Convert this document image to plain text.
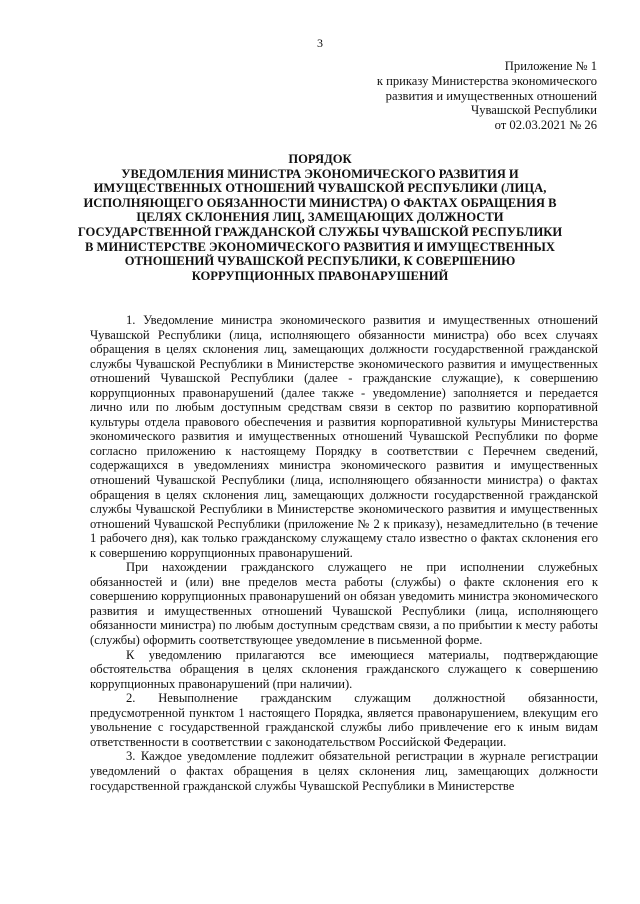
3
Приложение № 1
к приказу Министерства экономического
развития и имущественных отношений
Чувашской Республики
от 02.03.2021 № 26
ПОРЯДОК
УВЕДОМЛЕНИЯ МИНИСТРА ЭКОНОМИЧЕСКОГО РАЗВИТИЯ И
ИМУЩЕСТВЕННЫХ ОТНОШЕНИЙ ЧУВАШСКОЙ РЕСПУБЛИКИ (ЛИЦА,
ИСПОЛНЯЮЩЕГО ОБЯЗАННОСТИ МИНИСТРА) О ФАКТАХ ОБРАЩЕНИЯ В
ЦЕЛЯХ СКЛОНЕНИЯ ЛИЦ, ЗАМЕЩАЮЩИХ ДОЛЖНОСТИ
ГОСУДАРСТВЕННОЙ ГРАЖДАНСКОЙ СЛУЖБЫ ЧУВАШСКОЙ РЕСПУБЛИКИ
В МИНИСТЕРСТВЕ ЭКОНОМИЧЕСКОГО РАЗВИТИЯ И ИМУЩЕСТВЕННЫХ
ОТНОШЕНИЙ ЧУВАШСКОЙ РЕСПУБЛИКИ, К СОВЕРШЕНИЮ
КОРРУПЦИОННЫХ ПРАВОНАРУШЕНИЙ

1. Уведомление министра экономического развития и имущественных отношений Чувашской Республики (лица, исполняющего обязанности министра) обо всех случаях обращения в целях склонения лиц, замещающих должности государственной гражданской службы Чувашской Республики в Министерстве экономического развития и имущественных отношений Чувашской Республики (далее - гражданские служащие), к совершению коррупционных правонарушений (далее также - уведомление) заполняется и передается лично или по любым доступным средствам связи в сектор по развитию корпоративной культуры отдела правового обеспечения и развития корпоративной культуры Министерства экономического развития и имущественных отношений Чувашской Республики по форме согласно приложению к настоящему Порядку в соответствии с Перечнем сведений, содержащихся в уведомлениях министра экономического развития и имущественных отношений Чувашской Республики (лица, исполняющего обязанности министра) о фактах обращения в целях склонения лиц, замещающих должности государственной гражданской службы Чувашской Республики в Министерстве экономического развития и имущественных отношений Чувашской Республики (приложение № 2 к приказу), незамедлительно (в течение 1 рабочего дня), как только гражданскому служащему стало известно о фактах склонения его к совершению коррупционных правонарушений.

При нахождении гражданского служащего не при исполнении служебных обязанностей и (или) вне пределов места работы (службы) о факте склонения его к совершению коррупционных правонарушений он обязан уведомить министра экономического развития и имущественных отношений Чувашской Республики (лица, исполняющего обязанности министра) по любым доступным средствам связи, а по прибытии к месту работы (службы) оформить соответствующее уведомление в письменной форме.

К уведомлению прилагаются все имеющиеся материалы, подтверждающие обстоятельства обращения в целях склонения гражданского служащего к совершению коррупционных правонарушений (при наличии).

2. Невыполнение гражданским служащим должностной обязанности, предусмотренной пунктом 1 настоящего Порядка, является правонарушением, влекущим его увольнение с государственной гражданской службы либо привлечение его к иным видам ответственности в соответствии с законодательством Российской Федерации.

3. Каждое уведомление подлежит обязательной регистрации в журнале регистрации уведомлений о фактах обращения в целях склонения лиц, замещающих должности государственной гражданской службы Чувашской Республики в Министерстве
